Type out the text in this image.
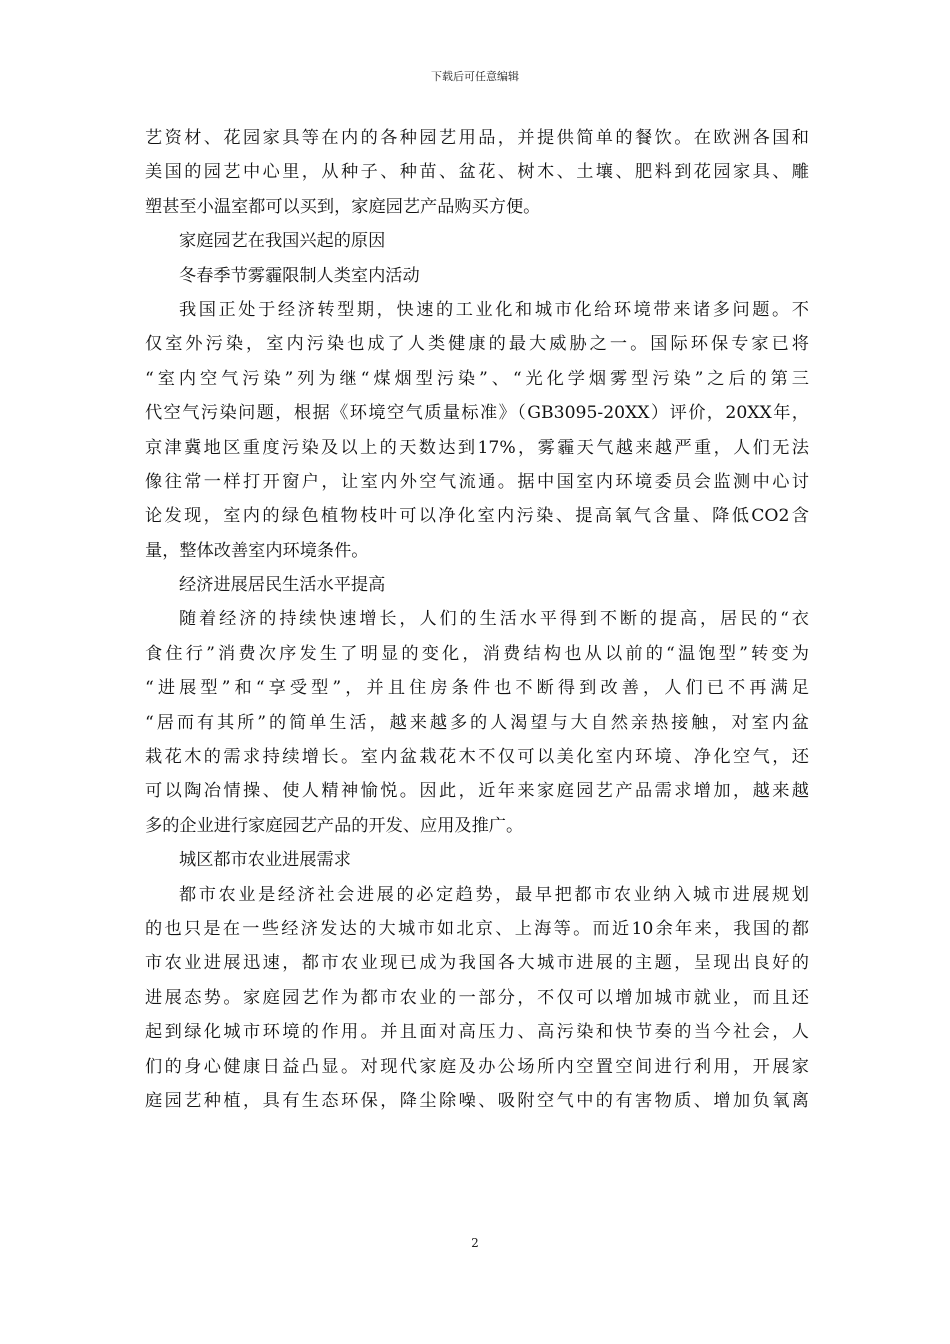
下载后可任意编辑
艺资材、花园家具等在内的各种园艺用品，并提供简单的餐饮。在欧洲各国和
美国的园艺中心里，从种子、种苗、盆花、树木、土壤、肥料到花园家具、雕
塑甚至小温室都可以买到，家庭园艺产品购买方便。
家庭园艺在我国兴起的原因
冬春季节雾霾限制人类室内活动
我国正处于经济转型期，快速的工业化和城市化给环境带来诸多问题。不
仅室外污染，室内污染也成了人类健康的最大威胁之一。国际环保专家已将
“室内空气污染”列为继“煤烟型污染”、“光化学烟雾型污染”之后的第三
代空气污染问题，根据《环境空气质量标准》（GB3095-20XX）评价，20XX年，
京津冀地区重度污染及以上的天数达到17%，雾霾天气越来越严重，人们无法
像往常一样打开窗户，让室内外空气流通。据中国室内环境委员会监测中心讨
论发现，室内的绿色植物枝叶可以净化室内污染、提高氧气含量、降低CO2含
量，整体改善室内环境条件。
经济进展居民生活水平提高
随着经济的持续快速增长，人们的生活水平得到不断的提高，居民的“衣
食住行”消费次序发生了明显的变化，消费结构也从以前的“温饱型”转变为
“进展型”和“享受型”，并且住房条件也不断得到改善，人们已不再满足
“居而有其所”的简单生活，越来越多的人渴望与大自然亲热接触，对室内盆
栽花木的需求持续增长。室内盆栽花木不仅可以美化室内环境、净化空气，还
可以陶冶情操、使人精神愉悦。因此，近年来家庭园艺产品需求增加，越来越
多的企业进行家庭园艺产品的开发、应用及推广。
城区都市农业进展需求
都市农业是经济社会进展的必定趋势，最早把都市农业纳入城市进展规划
的也只是在一些经济发达的大城市如北京、上海等。而近10余年来，我国的都
市农业进展迅速，都市农业现已成为我国各大城市进展的主题，呈现出良好的
进展态势。家庭园艺作为都市农业的一部分，不仅可以增加城市就业，而且还
起到绿化城市环境的作用。并且面对高压力、高污染和快节奏的当今社会，人
们的身心健康日益凸显。对现代家庭及办公场所内空置空间进行利用，开展家
庭园艺种植，具有生态环保，降尘除噪、吸附空气中的有害物质、增加负氧离
2
